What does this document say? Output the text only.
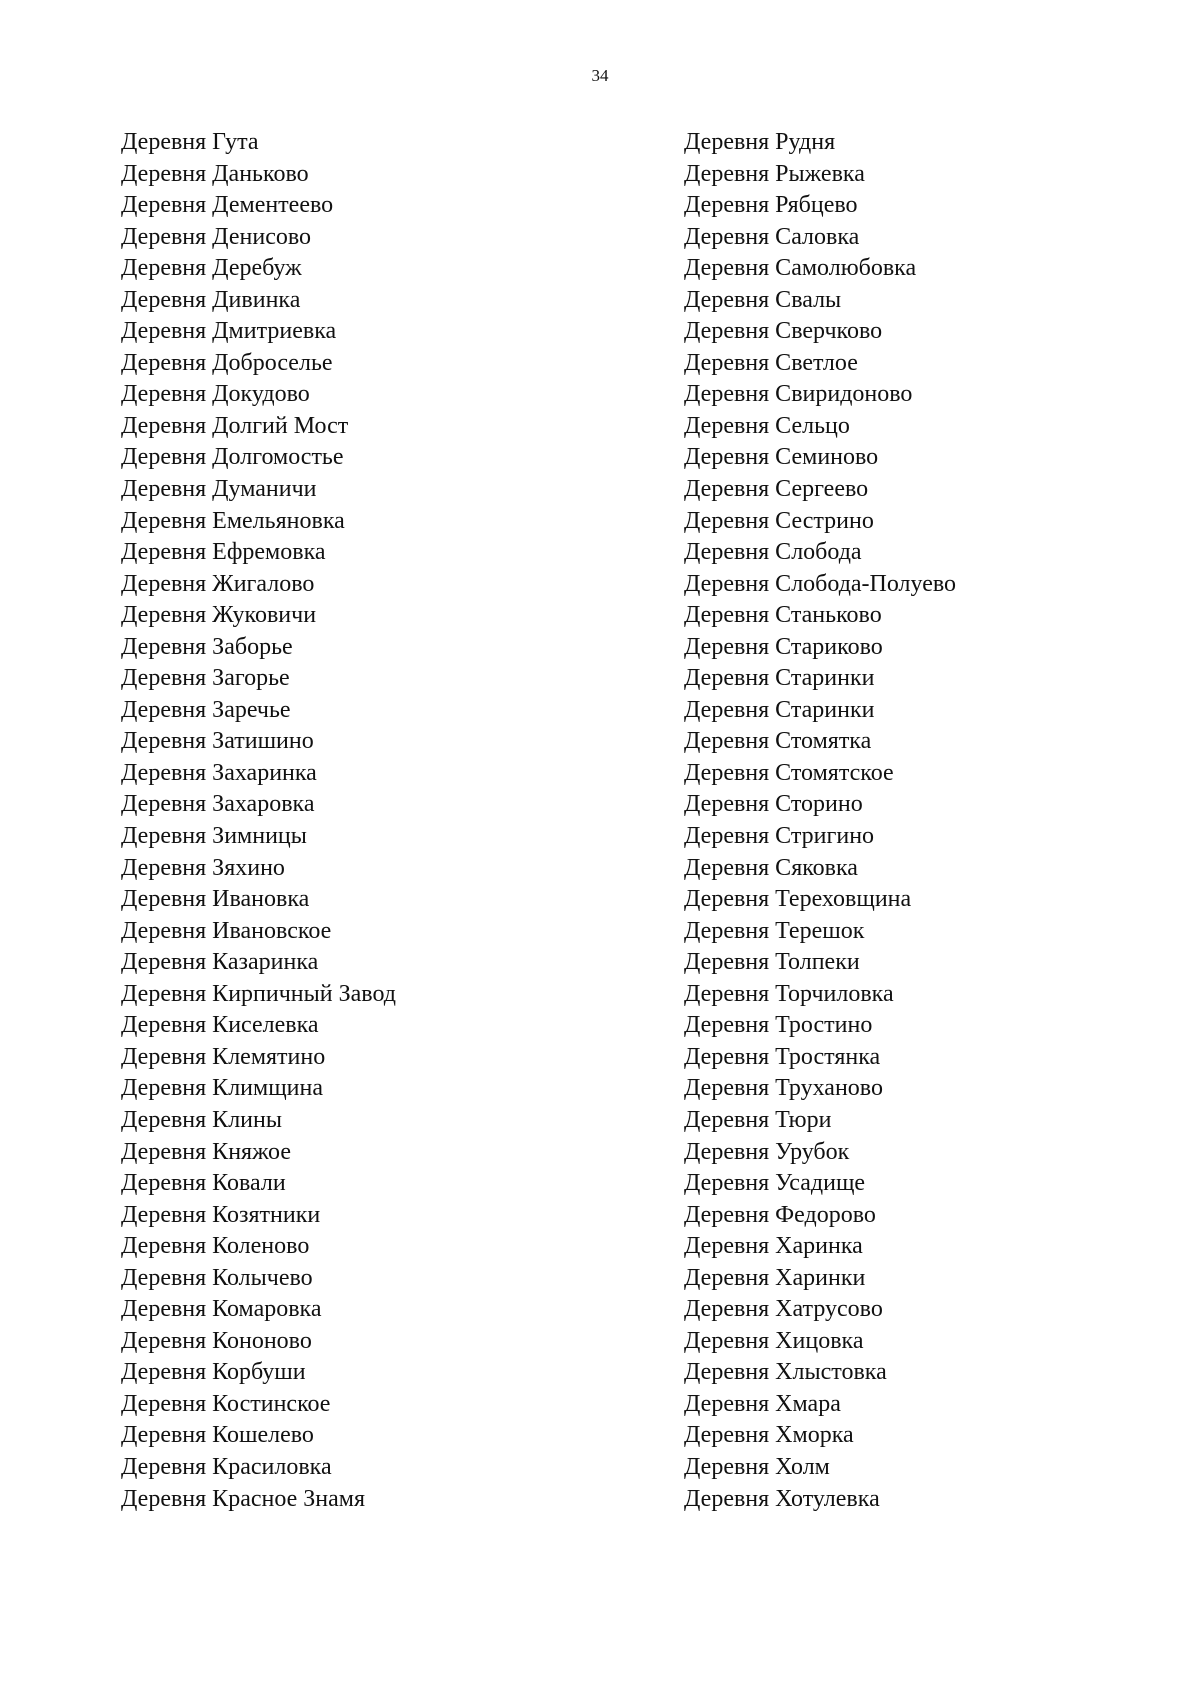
34
Деревня Гута
Деревня Даньково
Деревня Дементеево
Деревня Денисово
Деревня Деребуж
Деревня Дивинка
Деревня Дмитриевка
Деревня Доброселье
Деревня Докудово
Деревня Долгий Мост
Деревня Долгомостье
Деревня Думаничи
Деревня Емельяновка
Деревня Ефремовка
Деревня Жигалово
Деревня Жуковичи
Деревня Заборье
Деревня Загорье
Деревня Заречье
Деревня Затишино
Деревня Захаринка
Деревня Захаровка
Деревня Зимницы
Деревня Зяхино
Деревня Ивановка
Деревня Ивановское
Деревня Казаринка
Деревня Кирпичный Завод
Деревня Киселевка
Деревня Клемятино
Деревня Климщина
Деревня Клины
Деревня Княжое
Деревня Ковали
Деревня Козятники
Деревня Коленово
Деревня Колычево
Деревня Комаровка
Деревня Кононово
Деревня Корбуши
Деревня Костинское
Деревня Кошелево
Деревня Красиловка
Деревня Красное Знамя
Деревня Рудня
Деревня Рыжевка
Деревня Рябцево
Деревня Саловка
Деревня Самолюбовка
Деревня Свалы
Деревня Сверчково
Деревня Светлое
Деревня Свиридоново
Деревня Сельцо
Деревня Семиново
Деревня Сергеево
Деревня Сестрино
Деревня Слобода
Деревня Слобода-Полуево
Деревня Станьково
Деревня Стариково
Деревня Старинки
Деревня Старинки
Деревня Стомятка
Деревня Стомятское
Деревня Сторино
Деревня Стригино
Деревня Сяковка
Деревня Тереховщина
Деревня Терешок
Деревня Толпеки
Деревня Торчиловка
Деревня Тростино
Деревня Тростянка
Деревня Труханово
Деревня Тюри
Деревня Урубок
Деревня Усадище
Деревня Федорово
Деревня Харинка
Деревня Харинки
Деревня Хатрусово
Деревня Хицовка
Деревня Хлыстовка
Деревня Хмара
Деревня Хморка
Деревня Холм
Деревня Хотулевка
